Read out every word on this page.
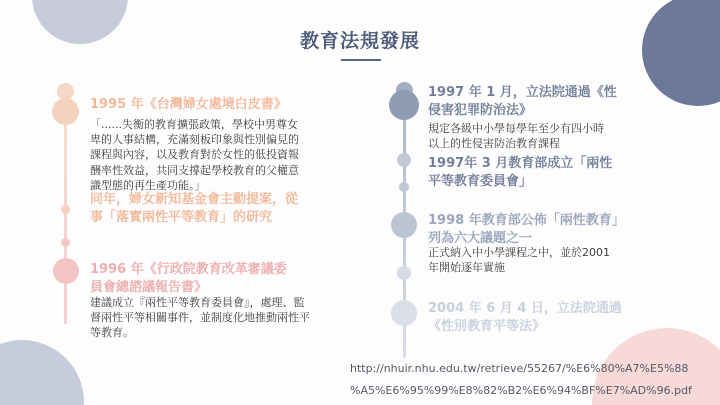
教育法規發展
1995 年《台灣婦女處境白皮書》
「......失衡的教育擴張政策，學校中男尊女卑的人事結構，充滿刻板印象與性別偏見的課程與內容，以及教育對於女性的低投資報酬率性效益，共同支撐起學校教育的父權意識型態的再生產功能。」
同年，婦女新知基金會主動提案，從事「落實兩性平等教育」的研究
1996 年《行政院教育改革審議委員會總諮議報告書》
建議成立『兩性平等教育委員會』，處理、監督兩性平等相關事件，並制度化地推動兩性平等教育。
1997 年 1 月，立法院通過《性侵害犯罪防治法》
規定各級中小學每學年至少有四小時以上的性侵害防治教育課程
1997年 3 月教育部成立「兩性平等教育委員會」
1998 年教育部公佈「兩性教育」列為六大議題之一
正式納入中小學課程之中，並於2001 年開始逐年實施
2004 年 6 月 4 日，立法院通過《性別教育平等法》
http://nhuir.nhu.edu.tw/retrieve/55267/%E6%80%A7%E5%88
%A5%E6%95%99%E8%82%B2%E6%94%BF%E7%AD%96.pdf
